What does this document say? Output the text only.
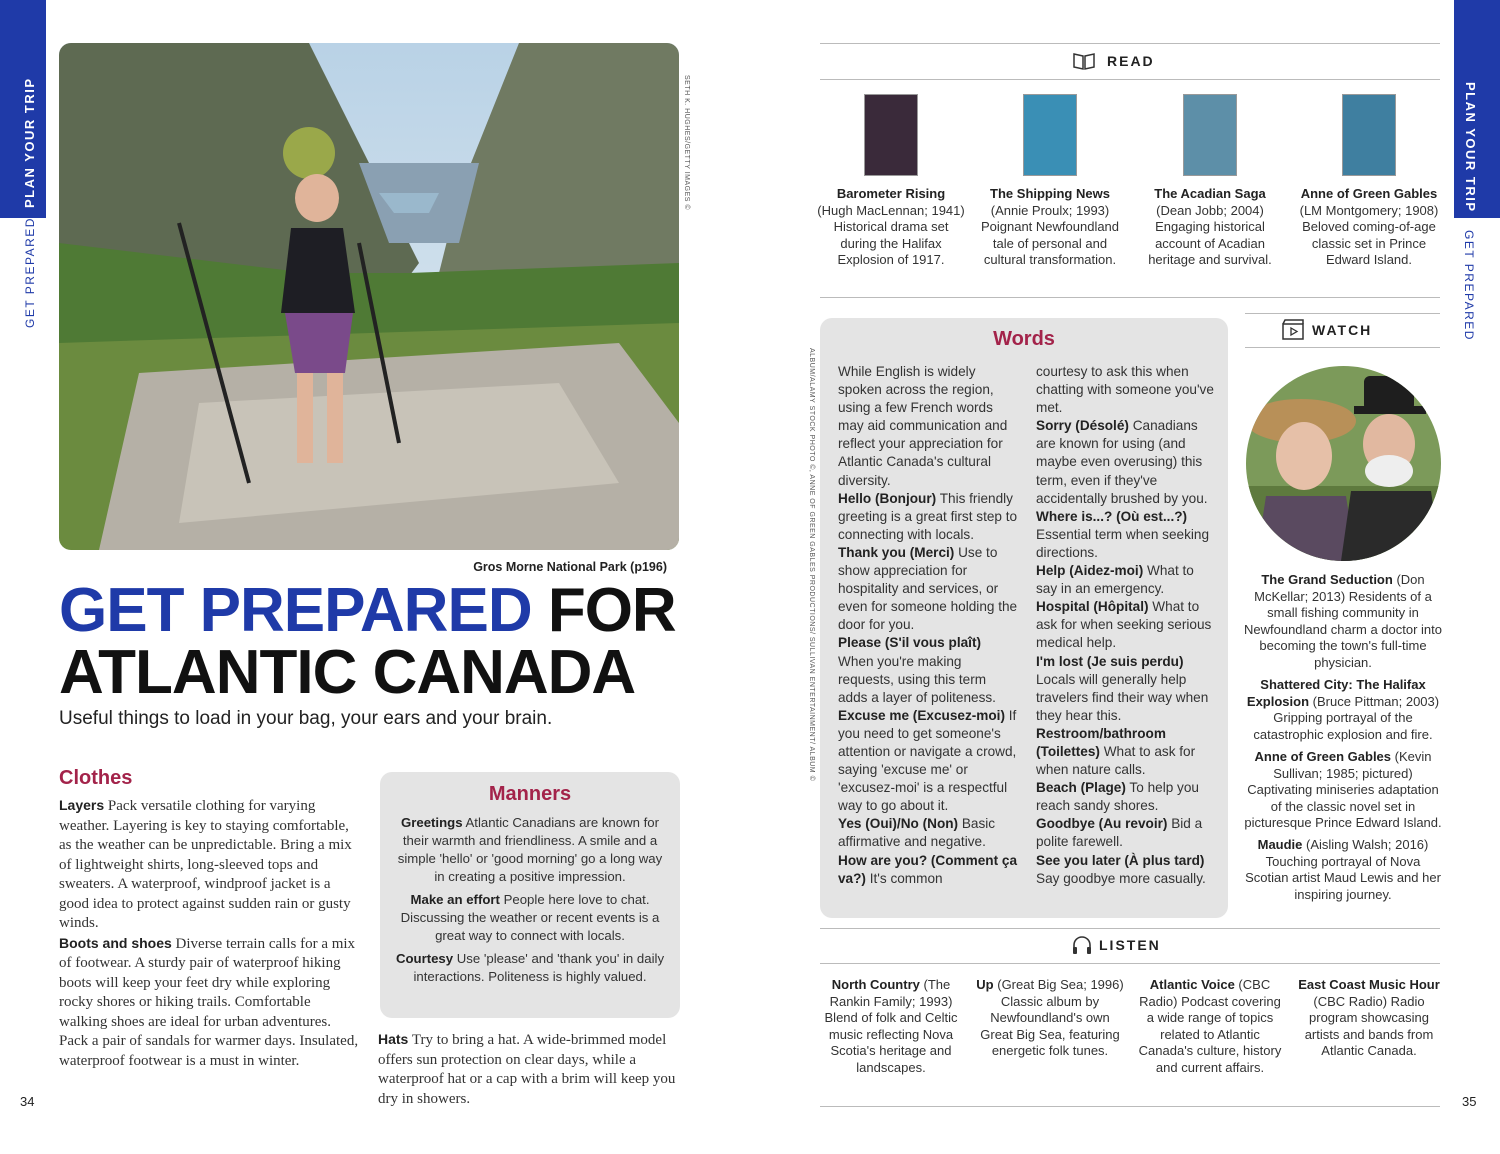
PLAN YOUR TRIP
GET PREPARED
PLAN YOUR TRIP
GET PREPARED
SETH K. HUGHES/GETTY IMAGES ©
Gros Morne National Park (p196)
GET PREPARED FOR
ATLANTIC CANADA
Useful things to load in your bag, your ears and your brain.
Clothes
Layers Pack versatile clothing for varying weather. Layering is key to staying comfortable, as the weather can be unpredictable. Bring a mix of lightweight shirts, long-sleeved tops and sweaters. A waterproof, windproof jacket is a good idea to protect against sudden rain or gusty winds.
Boots and shoes Diverse terrain calls for a mix of footwear. A sturdy pair of waterproof hiking boots will keep your feet dry while exploring rocky shores or hiking trails. Comfortable walking shoes are ideal for urban adventures. Pack a pair of sandals for warmer days. Insulated, waterproof footwear is a must in winter.
Hats Try to bring a hat. A wide-brimmed model offers sun protection on clear days, while a waterproof hat or a cap with a brim will keep you dry in showers.
Manners
Greetings Atlantic Canadians are known for their warmth and friendliness. A smile and a simple 'hello' or 'good morning' go a long way in creating a positive impression.
Make an effort People here love to chat. Discussing the weather or recent events is a great way to connect with locals.
Courtesy Use 'please' and 'thank you' in daily interactions. Politeness is highly valued.
ALBUM/ALAMY STOCK PHOTO ©, ANNE OF GREEN GABLES PRODUCTIONS/ SULLIVAN ENTERTAINMENT/ ALBUM ©
READ
Barometer Rising
(Hugh MacLennan; 1941) Historical drama set during the Halifax Explosion of 1917.
The Shipping News
(Annie Proulx; 1993) Poignant Newfoundland tale of personal and cultural transformation.
The Acadian Saga
(Dean Jobb; 2004) Engaging historical account of Acadian heritage and survival.
Anne of Green Gables
(LM Montgomery; 1908) Beloved coming-of-age classic set in Prince Edward Island.
Words
While English is widely spoken across the region, using a few French words may aid communication and reflect your appreciation for Atlantic Canada's cultural diversity.
Hello (Bonjour) This friendly greeting is a great first step to connecting with locals.
Thank you (Merci) Use to show appreciation for hospitality and services, or even for someone holding the door for you.
Please (S'il vous plaît) When you're making requests, using this term adds a layer of politeness.
Excuse me (Excusez-moi) If you need to get someone's attention or navigate a crowd, saying 'excuse me' or 'excusez-moi' is a respectful way to go about it.
Yes (Oui)/No (Non) Basic affirmative and negative.
How are you? (Comment ça va?) It's common
courtesy to ask this when chatting with someone you've met.
Sorry (Désolé) Canadians are known for using (and maybe even overusing) this term, even if they've accidentally brushed by you.
Where is...? (Où est...?) Essential term when seeking directions.
Help (Aidez-moi) What to say in an emergency.
Hospital (Hôpital) What to ask for when seeking serious medical help.
I'm lost (Je suis perdu) Locals will generally help travelers find their way when they hear this.
Restroom/bathroom (Toilettes) What to ask for when nature calls.
Beach (Plage) To help you reach sandy shores.
Goodbye (Au revoir) Bid a polite farewell.
See you later (À plus tard) Say goodbye more casually.
WATCH
The Grand Seduction (Don McKellar; 2013) Residents of a small fishing community in Newfoundland charm a doctor into becoming the town's full-time physician.
Shattered City: The Halifax Explosion (Bruce Pittman; 2003) Gripping portrayal of the catastrophic explosion and fire.
Anne of Green Gables (Kevin Sullivan; 1985; pictured) Captivating miniseries adaptation of the classic novel set in picturesque Prince Edward Island.
Maudie (Aisling Walsh; 2016) Touching portrayal of Nova Scotian artist Maud Lewis and her inspiring journey.
LISTEN
North Country (The Rankin Family; 1993) Blend of folk and Celtic music reflecting Nova Scotia's heritage and landscapes.
Up (Great Big Sea; 1996) Classic album by Newfoundland's own Great Big Sea, featuring energetic folk tunes.
Atlantic Voice (CBC Radio) Podcast covering a wide range of topics related to Atlantic Canada's culture, history and current affairs.
East Coast Music Hour (CBC Radio) Radio program showcasing artists and bands from Atlantic Canada.
34	35
